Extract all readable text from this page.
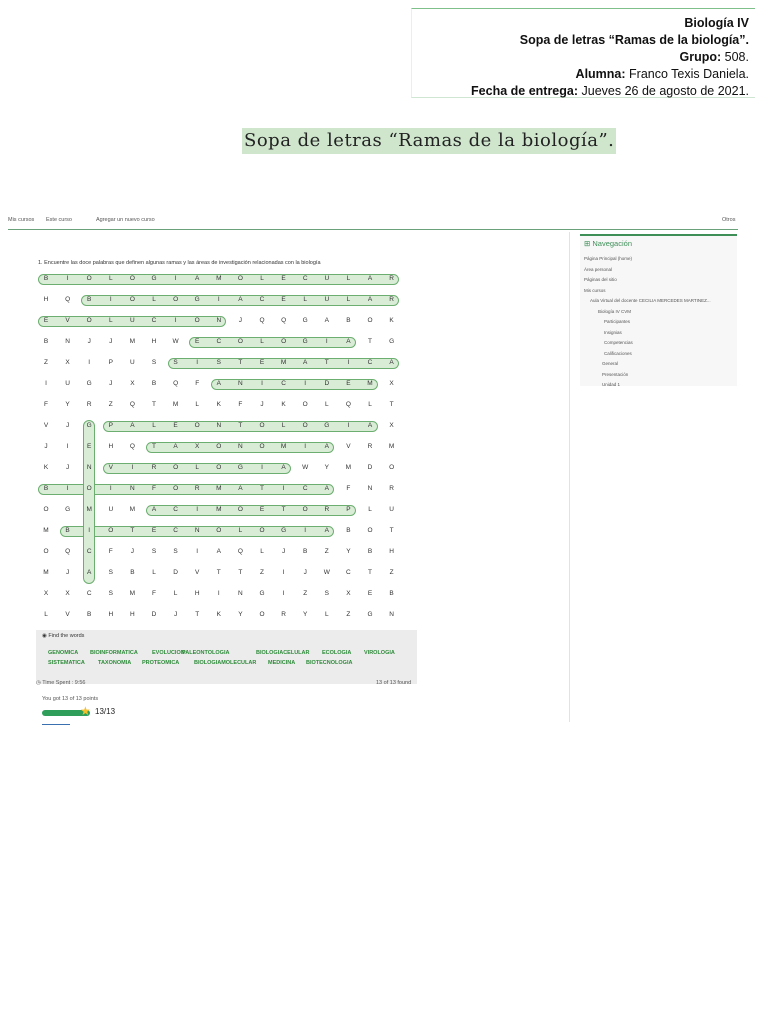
Biología IV
Sopa de letras “Ramas de la biología”.
Grupo: 508.
Alumna: Franco Texis Daniela.
Fecha de entrega: Jueves 26 de agosto de 2021.
Sopa de letras “Ramas de la biología”.
Mis cursos Este curso	Agregar un nuevo curso	Otros
1. Encuentre las doce palabras que definen algunas ramas y las áreas de investigación relacionadas con la biología
B	I	O	L	O	G	I	A	M	O	L	E	C	U	L	A	R
H	Q	B	I	O	L	O	G	I	A	C	E	L	U	L	A	R
E	V	O	L	U	C	I	O	N	J	Q	Q	G	A	B	O	K
B	N	J	J	M	H	W	E	C	O	L	O	G	I	A	T	G
Z	X	I	P	U	S	S	I	S	T	E	M	A	T	I	C	A
I	U	G	J	X	B	Q	F	A	N	I	C	I	D	E	M	X
F	Y	R	Z	Q	T	M	L	K	F	J	K	O	L	Q	L	T
V	J	G	P	A	L	E	O	N	T	O	L	O	G	I	A	X
J	I	E	H	Q	T	A	X	O	N	O	M	I	A	V	R	M
K	J	N	V	I	R	O	L	O	G	I	A	W	Y	M	D	O
B	I	O	I	N	F	O	R	M	A	T	I	C	A	F	N	R
O	G	M	U	M	A	C	I	M	O	E	T	O	R	P	L	U
M	B	I	O	T	E	C	N	O	L	O	G	I	A	B	O	T
O	Q	C	F	J	S	S	I	A	Q	L	J	B	Z	Y	B	H
M	J	A	S	B	L	D	V	T	T	Z	I	J	W	C	T	Z
X	X	C	S	M	F	L	H	I	N	G	I	Z	S	X	E	B
L	V	B	H	H	D	J	T	K	Y	O	R	Y	L	Z	G	N
◉ Find the words
GENOMICA BIOINFORMATICA	EVOLUCION
PALEONTOLOGIA	BIOLOGIACELULAR ECOLOGIA VIROLOGIA
SISTEMATICA TAXONOMIA PROTEOMICA	BIOLOGIAMOLECULAR MEDICINA BIOTECNOLOGIA
◷ Time Spent : 9:56	13 of 13 found
You got 13 of 13 points
★ 13/13
⊞ Navegación
Página Principal (home)
Área personal
Páginas del sitio
Mis cursos
Aula Virtual del docente CECILIA MERCEDES MARTINEZ...
Biología IV CVM
Participantes
Insignias
Competencias
Calificaciones
General
Presentación
Unidad 1
